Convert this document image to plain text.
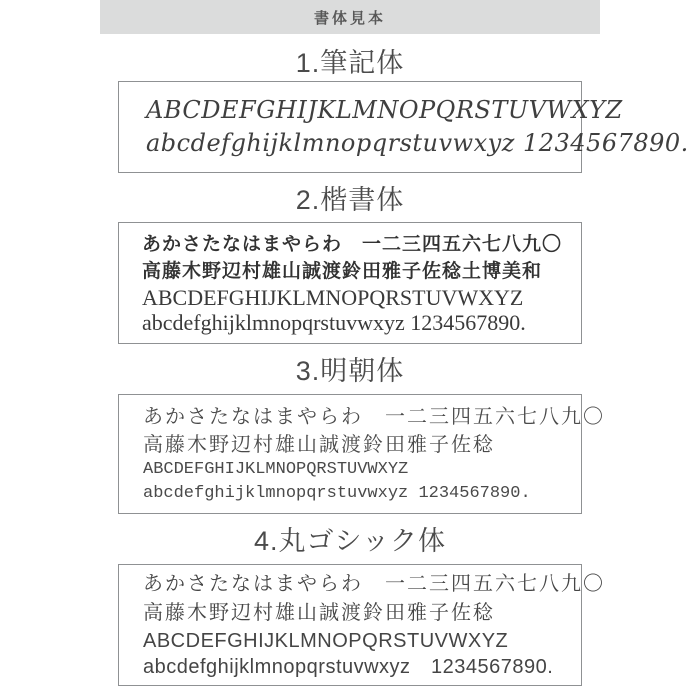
書体見本
1.筆記体
ABCDEFGHIJKLMNOPQRSTUVWXYZ
abcdefghijklmnopqrstuvwxyz 1234567890.
2.楷書体
あかさたなはまやらわ　一二三四五六七八九〇
高藤木野辺村雄山誠渡鈴田雅子佐稔土博美和
ABCDEFGHIJKLMNOPQRSTUVWXYZ
abcdefghijklmnopqrstuvwxyz 1234567890.
3.明朝体
あかさたなはまやらわ　一二三四五六七八九〇
高藤木野辺村雄山誠渡鈴田雅子佐稔
ABCDEFGHIJKLMNOPQRSTUVWXYZ
abcdefghijklmnopqrstuvwxyz 1234567890.
4.丸ゴシック体
あかさたなはまやらわ　一二三四五六七八九〇
高藤木野辺村雄山誠渡鈴田雅子佐稔
ABCDEFGHIJKLMNOPQRSTUVWXYZ
abcdefghijklmnopqrstuvwxyz　1234567890.
